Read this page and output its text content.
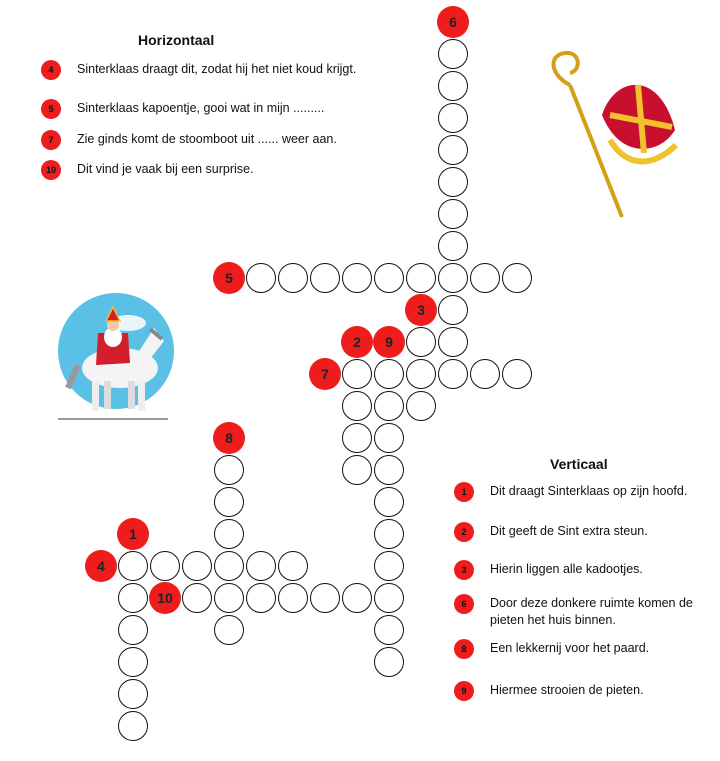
Horizontaal
4	Sinterklaas draagt dit, zodat hij het niet koud krijgt.
5	Sinterklaas kapoentje, gooi wat in mijn .........
7	Zie ginds komt de stoomboot uit ...... weer aan.
10	Dit vind je vaak bij een surprise.
Verticaal
1	Dit draagt Sinterklaas op zijn hoofd.
2	Dit geeft de Sint extra steun.
3	Hierin liggen alle kadootjes.
6	Door deze donkere ruimte komen de pieten het huis binnen.
8	Een lekkernij voor het paard.
9	Hiermee strooien de pieten.
4
5
7
10
1
2
3
6
8
9
